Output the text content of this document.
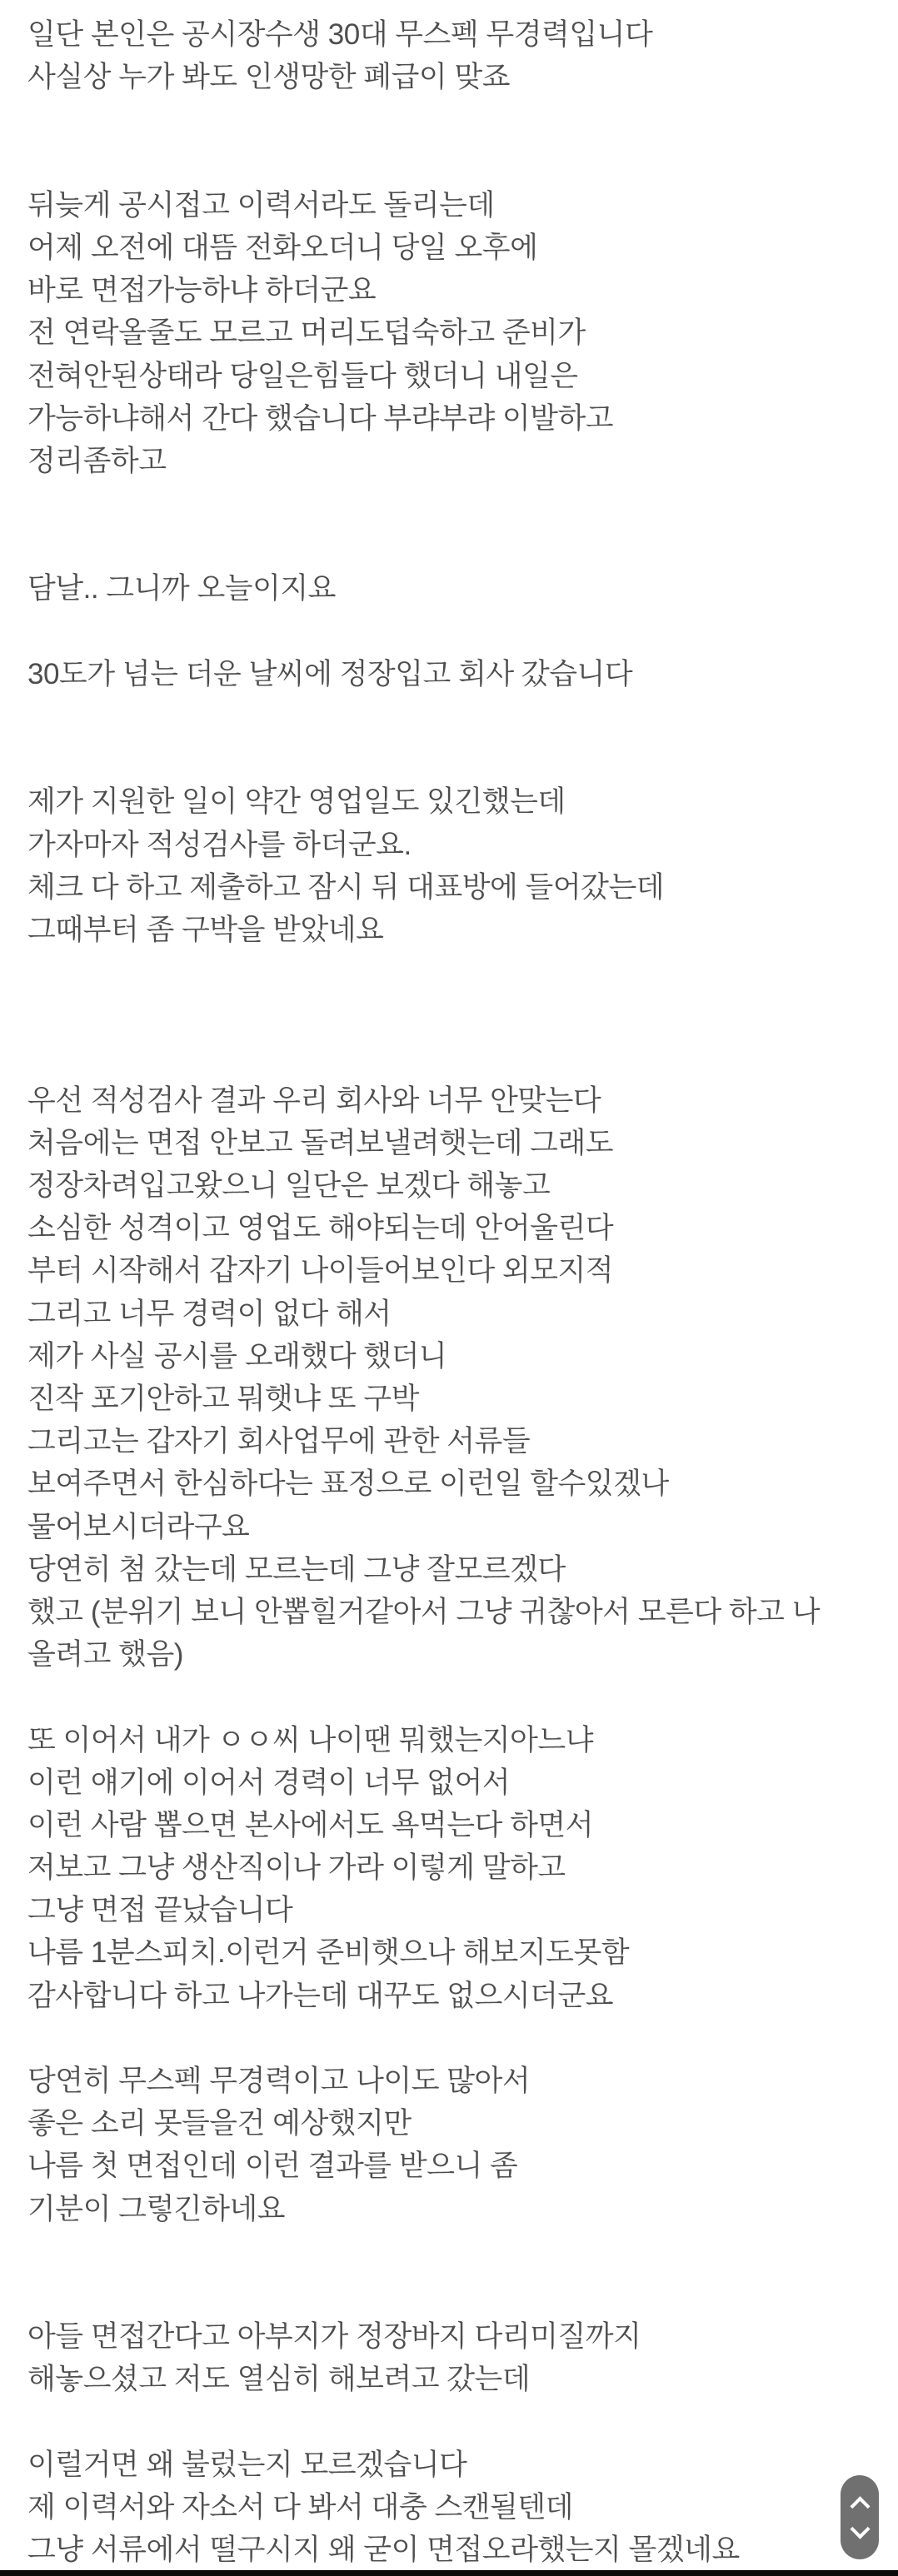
일단 본인은 공시장수생 30대 무스펙 무경력입니다
사실상 누가 봐도 인생망한 폐급이 맞죠

뒤늦게 공시접고 이력서라도 돌리는데
어제 오전에 대뜸 전화오더니 당일 오후에
바로 면접가능하냐 하더군요
전 연락올줄도 모르고 머리도덥숙하고 준비가
전혀안된상태라 당일은힘들다 했더니 내일은
가능하냐해서 간다 했습니다 부랴부랴 이발하고
정리좀하고

담날.. 그니까 오늘이지요

30도가 넘는 더운 날씨에 정장입고 회사 갔습니다

제가 지원한 일이 약간 영업일도 있긴했는데
가자마자 적성검사를 하더군요.
체크 다 하고 제출하고 잠시 뒤 대표방에 들어갔는데
그때부터 좀 구박을 받았네요

우선 적성검사 결과 우리 회사와 너무 안맞는다
처음에는 면접 안보고 돌려보낼려햇는데 그래도
정장차려입고왔으니 일단은 보겠다 해놓고
소심한 성격이고 영업도 해야되는데 안어울린다
부터 시작해서 갑자기 나이들어보인다 외모지적
그리고 너무 경력이 없다 해서
제가 사실 공시를 오래했다 했더니
진작 포기안하고 뭐햇냐 또 구박
그리고는 갑자기 회사업무에 관한 서류들
보여주면서 한심하다는 표정으로 이런일 할수있겠나
물어보시더라구요
당연히 첨 갔는데 모르는데 그냥 잘모르겠다
했고 (분위기 보니 안뽑힐거같아서 그냥 귀찮아서 모른다 하고 나
올려고 했음)

또 이어서 내가 ㅇㅇ씨 나이땐 뭐했는지아느냐
이런 얘기에 이어서 경력이 너무 없어서
이런 사람 뽑으면 본사에서도 욕먹는다 하면서
저보고 그냥 생산직이나 가라 이렇게 말하고
그냥 면접 끝났습니다
나름 1분스피치.이런거 준비햇으나 해보지도못함
감사합니다 하고 나가는데 대꾸도 없으시더군요

당연히 무스펙 무경력이고 나이도 많아서
좋은 소리 못들을건 예상했지만
나름 첫 면접인데 이런 결과를 받으니 좀
기분이 그렇긴하네요

아들 면접간다고 아부지가 정장바지 다리미질까지
해놓으셨고 저도 열심히 해보려고 갔는데

이럴거면 왜 불렀는지 모르겠습니다
제 이력서와 자소서 다 봐서 대충 스캔될텐데
그냥 서류에서 떨구시지 왜 굳이 면접오라했는지 몰겠네요
